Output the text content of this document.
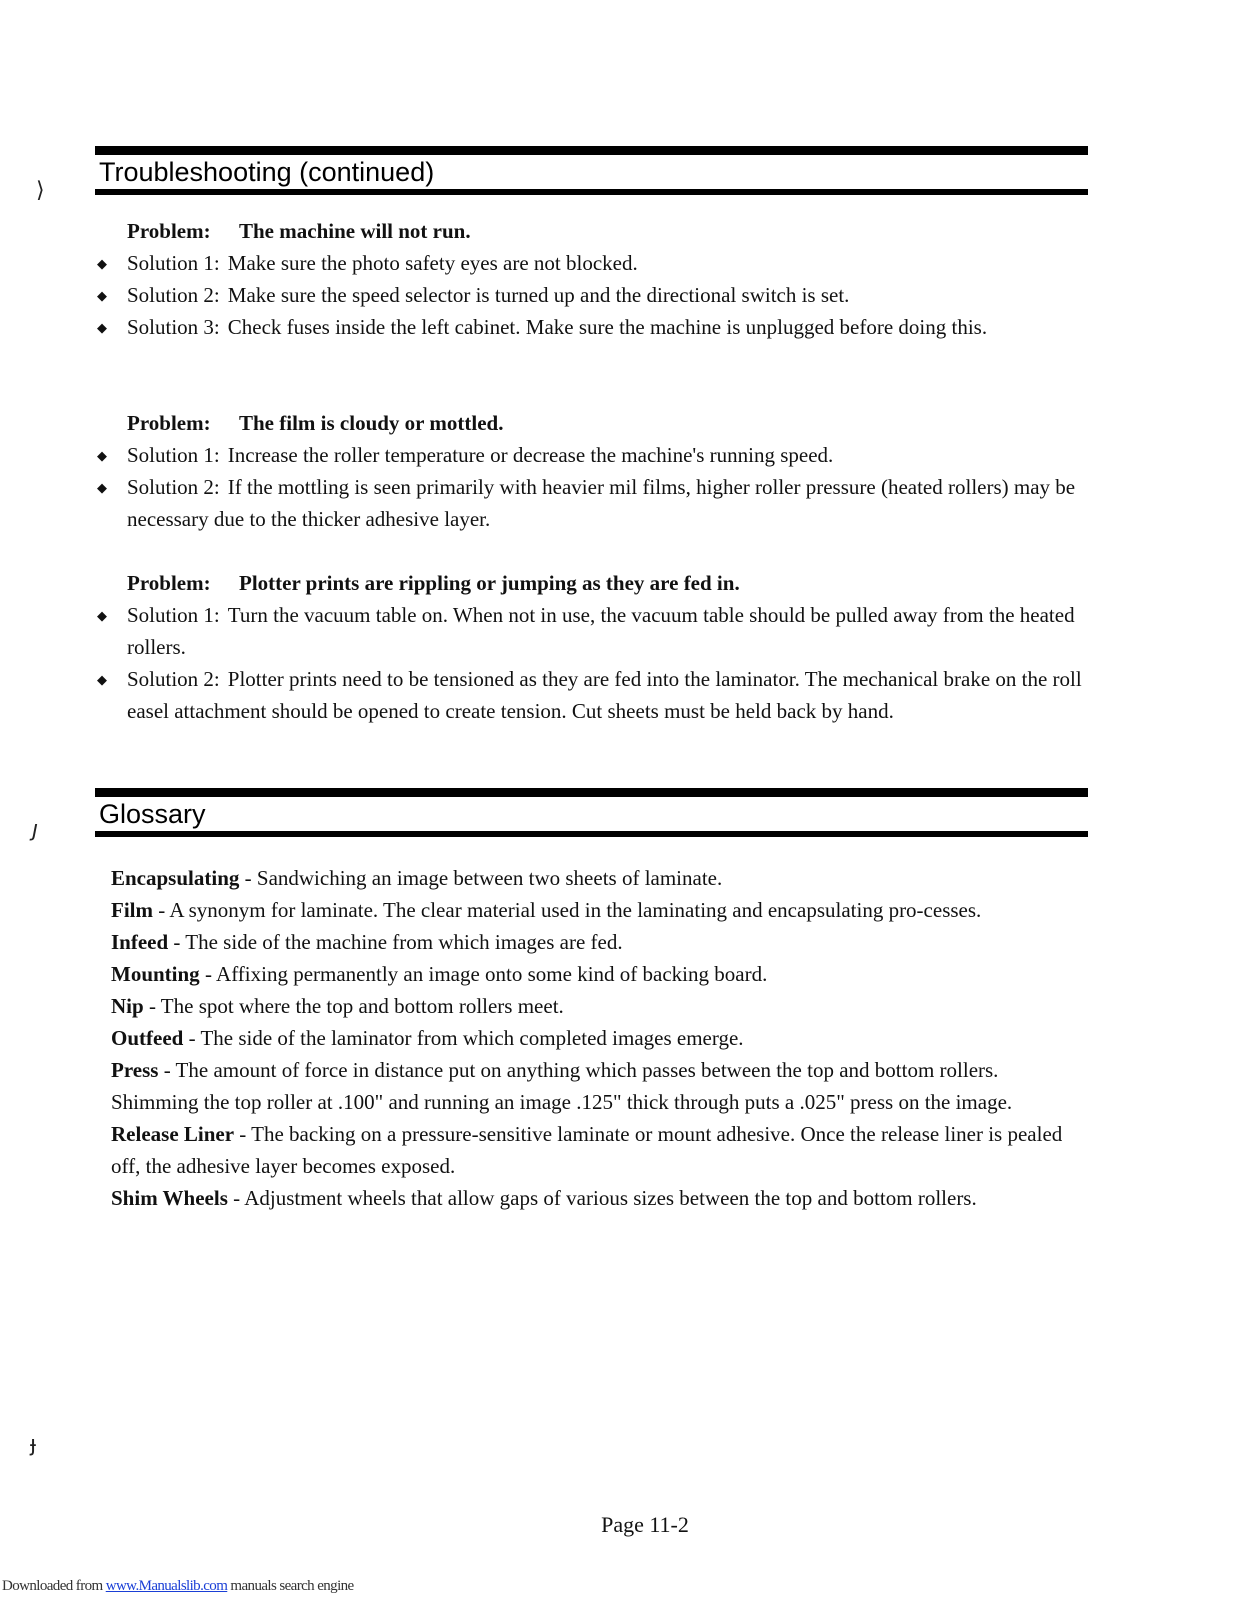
⟩
ȷ
ɟ
Troubleshooting (continued)
Problem: The machine will not run.
◆ Solution 1: Make sure the photo safety eyes are not blocked.
◆ Solution 2: Make sure the speed selector is turned up and the directional switch is set.
◆ Solution 3: Check fuses inside the left cabinet. Make sure the machine is unplugged before doing this.
Problem: The film is cloudy or mottled.
◆ Solution 1: Increase the roller temperature or decrease the machine's running speed.
◆ Solution 2: If the mottling is seen primarily with heavier mil films, higher roller pressure (heated rollers) may be necessary due to the thicker adhesive layer.
Problem: Plotter prints are rippling or jumping as they are fed in.
◆ Solution 1: Turn the vacuum table on. When not in use, the vacuum table should be pulled away from the heated rollers.
◆ Solution 2: Plotter prints need to be tensioned as they are fed into the laminator. The mechanical brake on the roll easel attachment should be opened to create tension. Cut sheets must be held back by hand.
Glossary

Encapsulating - Sandwiching an image between two sheets of laminate.

Film - A synonym for laminate. The clear material used in the laminating and encapsulating pro-cesses.

Infeed - The side of the machine from which images are fed.

Mounting - Affixing permanently an image onto some kind of backing board.

Nip - The spot where the top and bottom rollers meet.

Outfeed - The side of the laminator from which completed images emerge.

Press - The amount of force in distance put on anything which passes between the top and bottom rollers. Shimming the top roller at .100" and running an image .125" thick through puts a .025" press on the image.

Release Liner - The backing on a pressure-sensitive laminate or mount adhesive. Once the release liner is pealed off, the adhesive layer becomes exposed.

Shim Wheels - Adjustment wheels that allow gaps of various sizes between the top and bottom rollers.

Page 11-2
Downloaded from www.Manualslib.com manuals search engine
